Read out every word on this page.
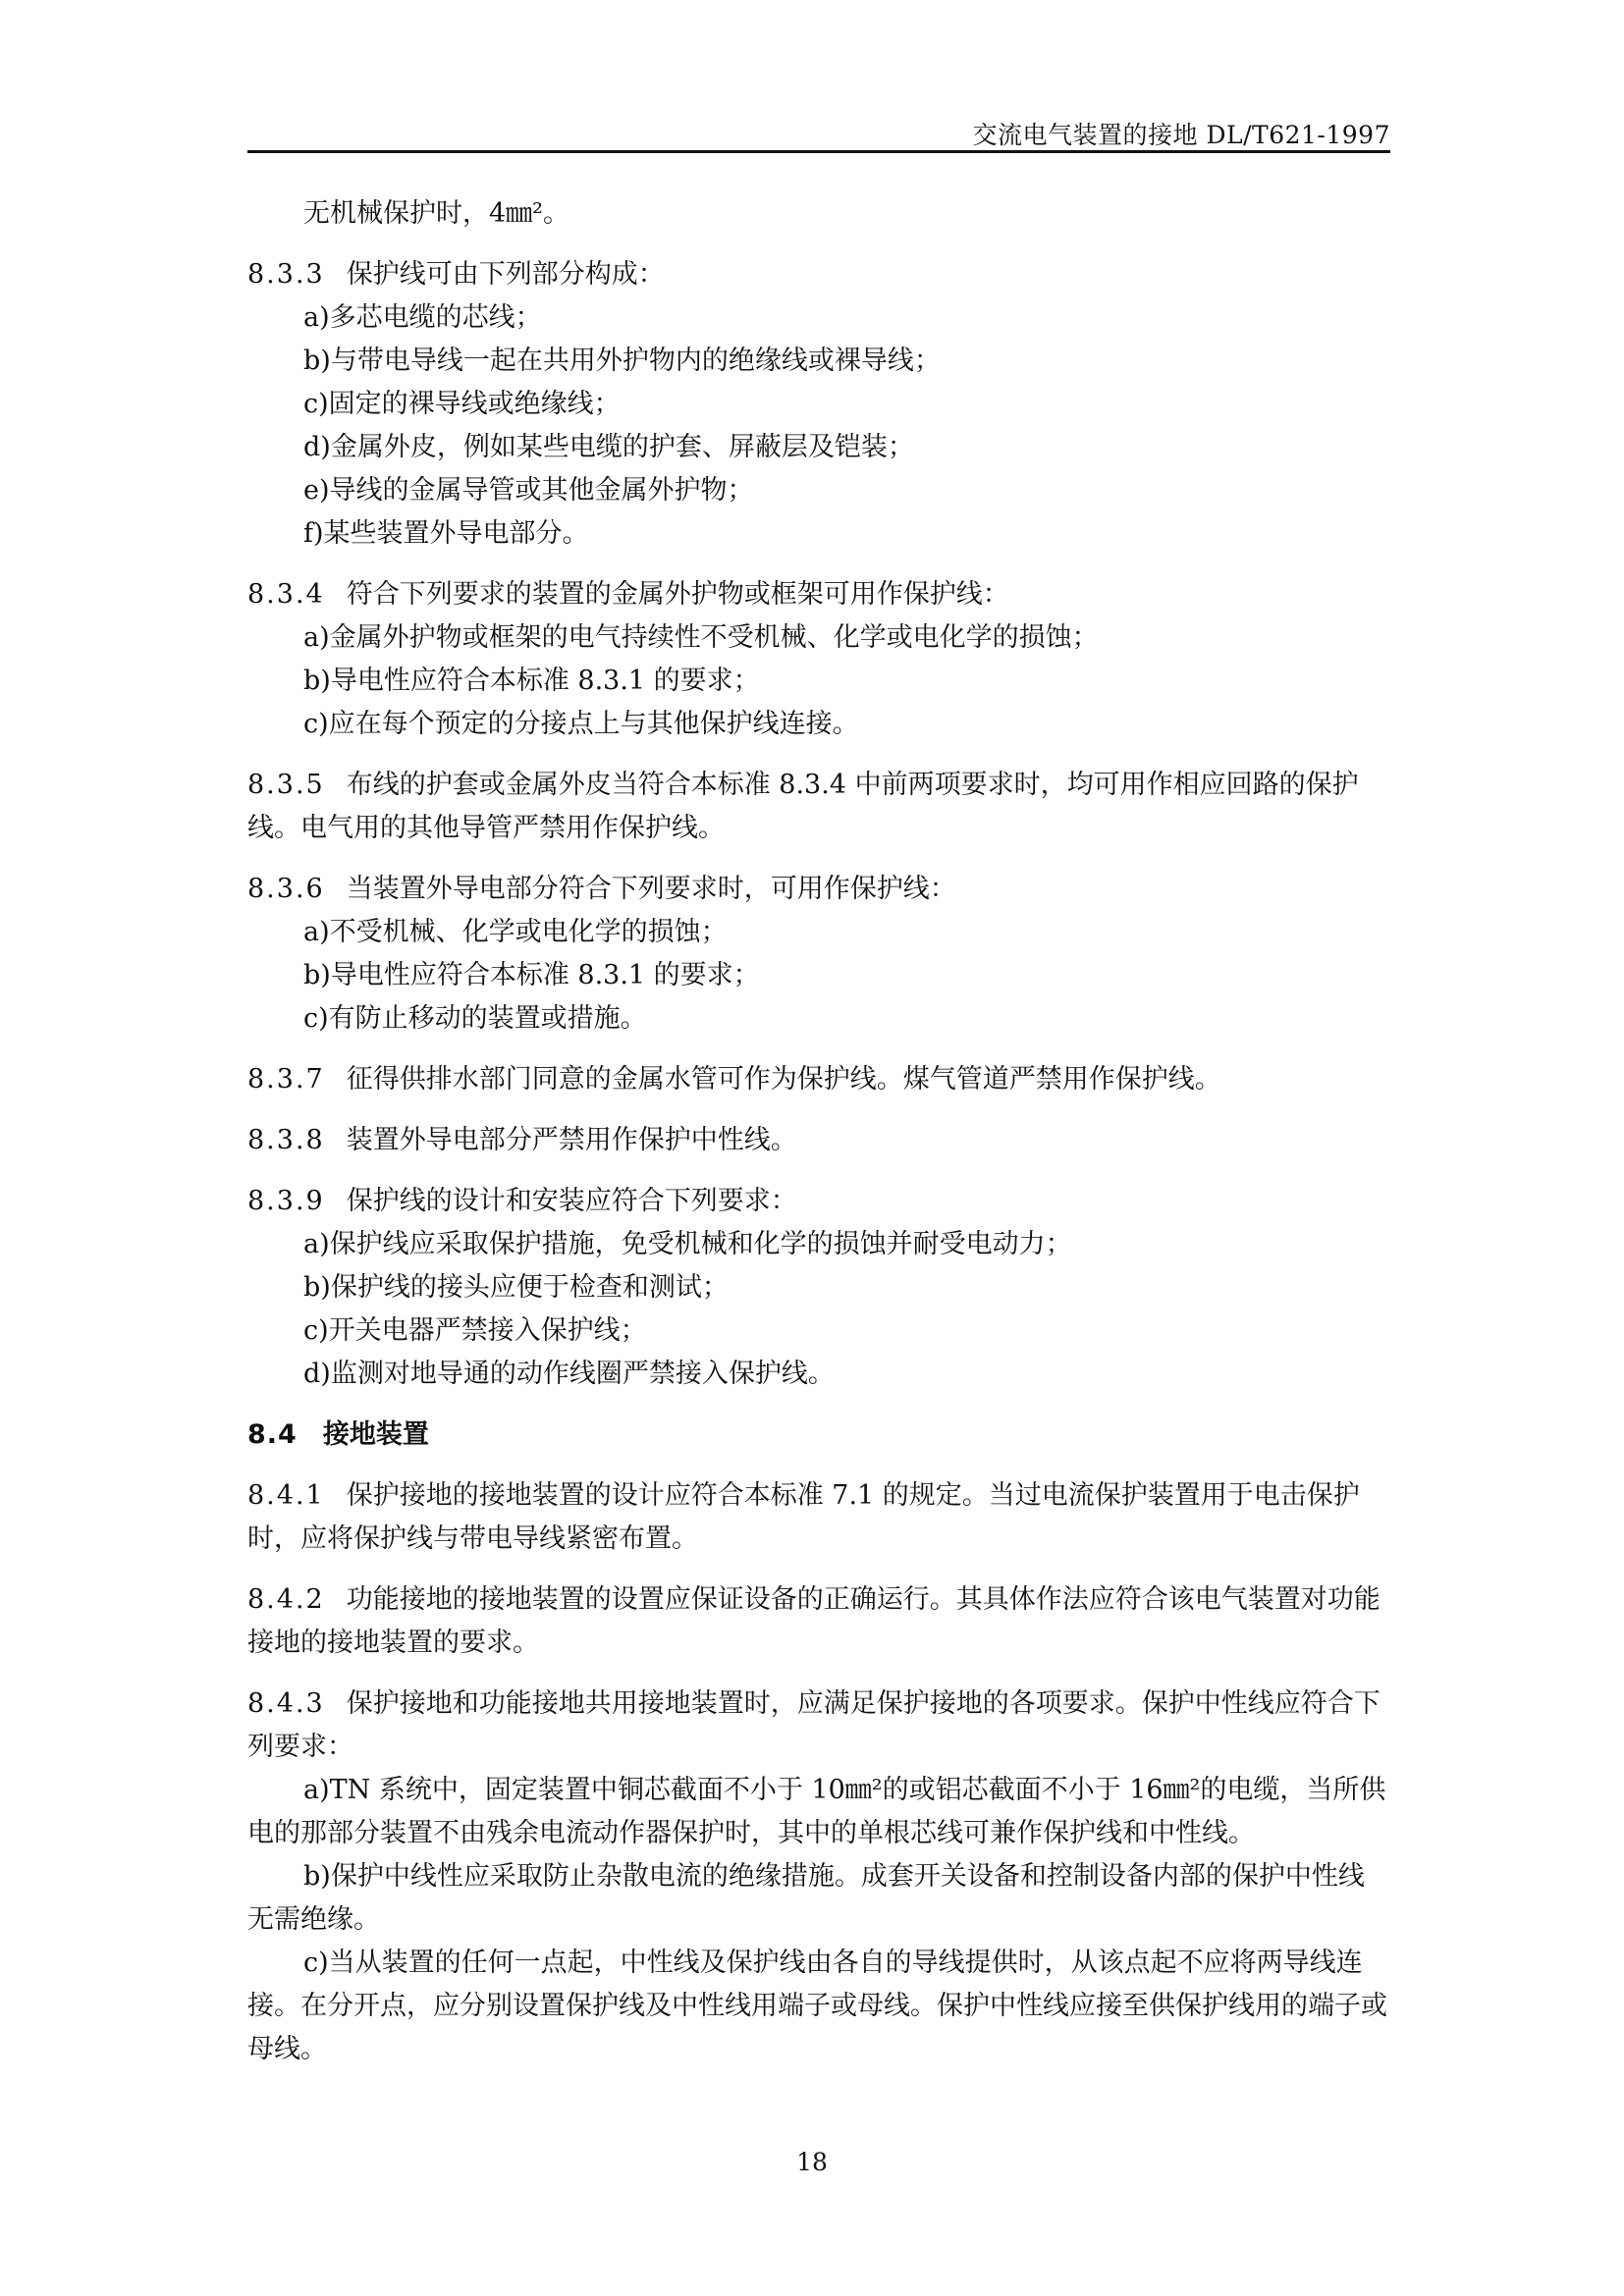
交流电气装置的接地 DL/T621-1997

无机械保护时，4㎜²。

8.3.3 保护线可由下列部分构成：

a)多芯电缆的芯线；

b)与带电导线一起在共用外护物内的绝缘线或裸导线；

c)固定的裸导线或绝缘线；

d)金属外皮，例如某些电缆的护套、屏蔽层及铠装；

e)导线的金属导管或其他金属外护物；

f)某些装置外导电部分。

8.3.4 符合下列要求的装置的金属外护物或框架可用作保护线：

a)金属外护物或框架的电气持续性不受机械、化学或电化学的损蚀；

b)导电性应符合本标准 8.3.1 的要求；

c)应在每个预定的分接点上与其他保护线连接。

8.3.5 布线的护套或金属外皮当符合本标准 8.3.4 中前两项要求时，均可用作相应回路的保护线。电气用的其他导管严禁用作保护线。

8.3.6 当装置外导电部分符合下列要求时，可用作保护线：

a)不受机械、化学或电化学的损蚀；

b)导电性应符合本标准 8.3.1 的要求；

c)有防止移动的装置或措施。

8.3.7 征得供排水部门同意的金属水管可作为保护线。煤气管道严禁用作保护线。

8.3.8 装置外导电部分严禁用作保护中性线。

8.3.9 保护线的设计和安装应符合下列要求：

a)保护线应采取保护措施，免受机械和化学的损蚀并耐受电动力；

b)保护线的接头应便于检查和测试；

c)开关电器严禁接入保护线；

d)监测对地导通的动作线圈严禁接入保护线。

8.4 接地装置

8.4.1 保护接地的接地装置的设计应符合本标准 7.1 的规定。当过电流保护装置用于电击保护时，应将保护线与带电导线紧密布置。

8.4.2 功能接地的接地装置的设置应保证设备的正确运行。其具体作法应符合该电气装置对功能接地的接地装置的要求。

8.4.3 保护接地和功能接地共用接地装置时，应满足保护接地的各项要求。保护中性线应符合下列要求：

a)TN 系统中，固定装置中铜芯截面不小于 10㎜²的或铝芯截面不小于 16㎜²的电缆，当所供电的那部分装置不由残余电流动作器保护时，其中的单根芯线可兼作保护线和中性线。

b)保护中线性应采取防止杂散电流的绝缘措施。成套开关设备和控制设备内部的保护中性线无需绝缘。

c)当从装置的任何一点起，中性线及保护线由各自的导线提供时，从该点起不应将两导线连接。在分开点，应分别设置保护线及中性线用端子或母线。保护中性线应接至供保护线用的端子或母线。

18
